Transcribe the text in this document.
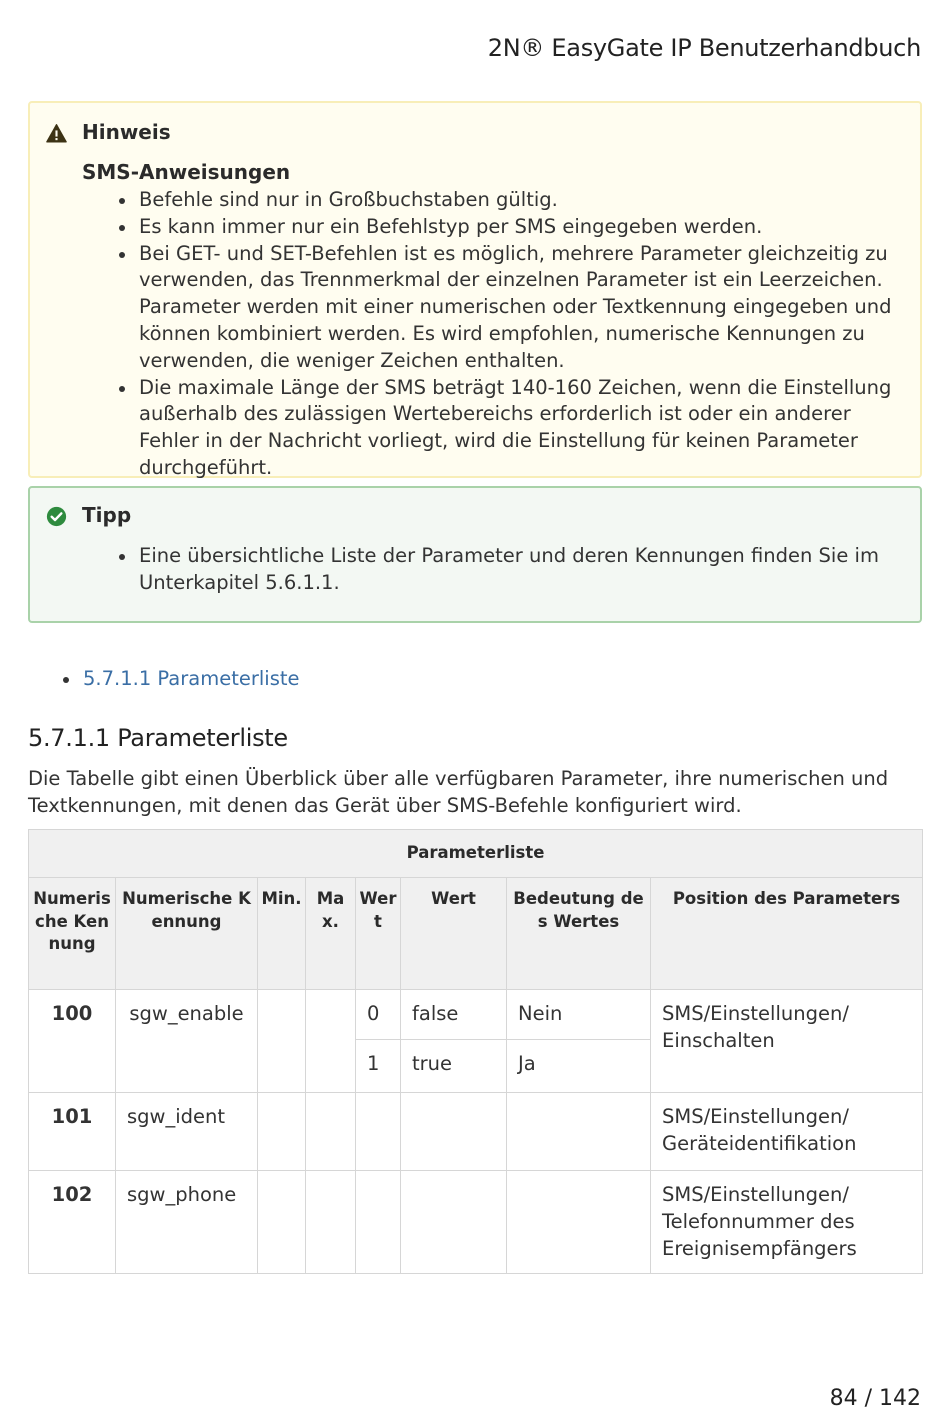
2N® EasyGate IP Benutzerhandbuch
Hinweis
SMS-Anweisungen
Befehle sind nur in Großbuchstaben gültig.
Es kann immer nur ein Befehlstyp per SMS eingegeben werden.
Bei GET- und SET-Befehlen ist es möglich, mehrere Parameter gleichzeitig zu verwenden, das Trennmerkmal der einzelnen Parameter ist ein Leerzeichen. Parameter werden mit einer numerischen oder Textkennung eingegeben und können kombiniert werden. Es wird empfohlen, numerische Kennungen zu verwenden, die weniger Zeichen enthalten.
Die maximale Länge der SMS beträgt 140-160 Zeichen, wenn die Einstellung außerhalb des zulässigen Wertebereichs erforderlich ist oder ein anderer Fehler in der Nachricht vorliegt, wird die Einstellung für keinen Parameter durchgeführt.
Tipp
Eine übersichtliche Liste der Parameter und deren Kennungen finden Sie im Unterkapitel 5.6.1.1.
5.7.1.1 Parameterliste
5.7.1.1 Parameterliste
Die Tabelle gibt einen Überblick über alle verfügbaren Parameter, ihre numerischen und Textkennungen, mit denen das Gerät über SMS-Befehle konfiguriert wird.
Parameterliste							
Numerische Kennung	Numerische Kennung	Min.	Max.	Wert	Wert	Bedeutung des Wertes	Position des Parameters
100	sgw_enable			0	false	Nein	SMS/Einstellungen/ Einschalten
				1	true	Ja	
101	sgw_ident						SMS/Einstellungen/ Geräteidentifikation
102	sgw_phone						SMS/Einstellungen/ Telefonnummer des Ereignisempfängers
84 / 142
